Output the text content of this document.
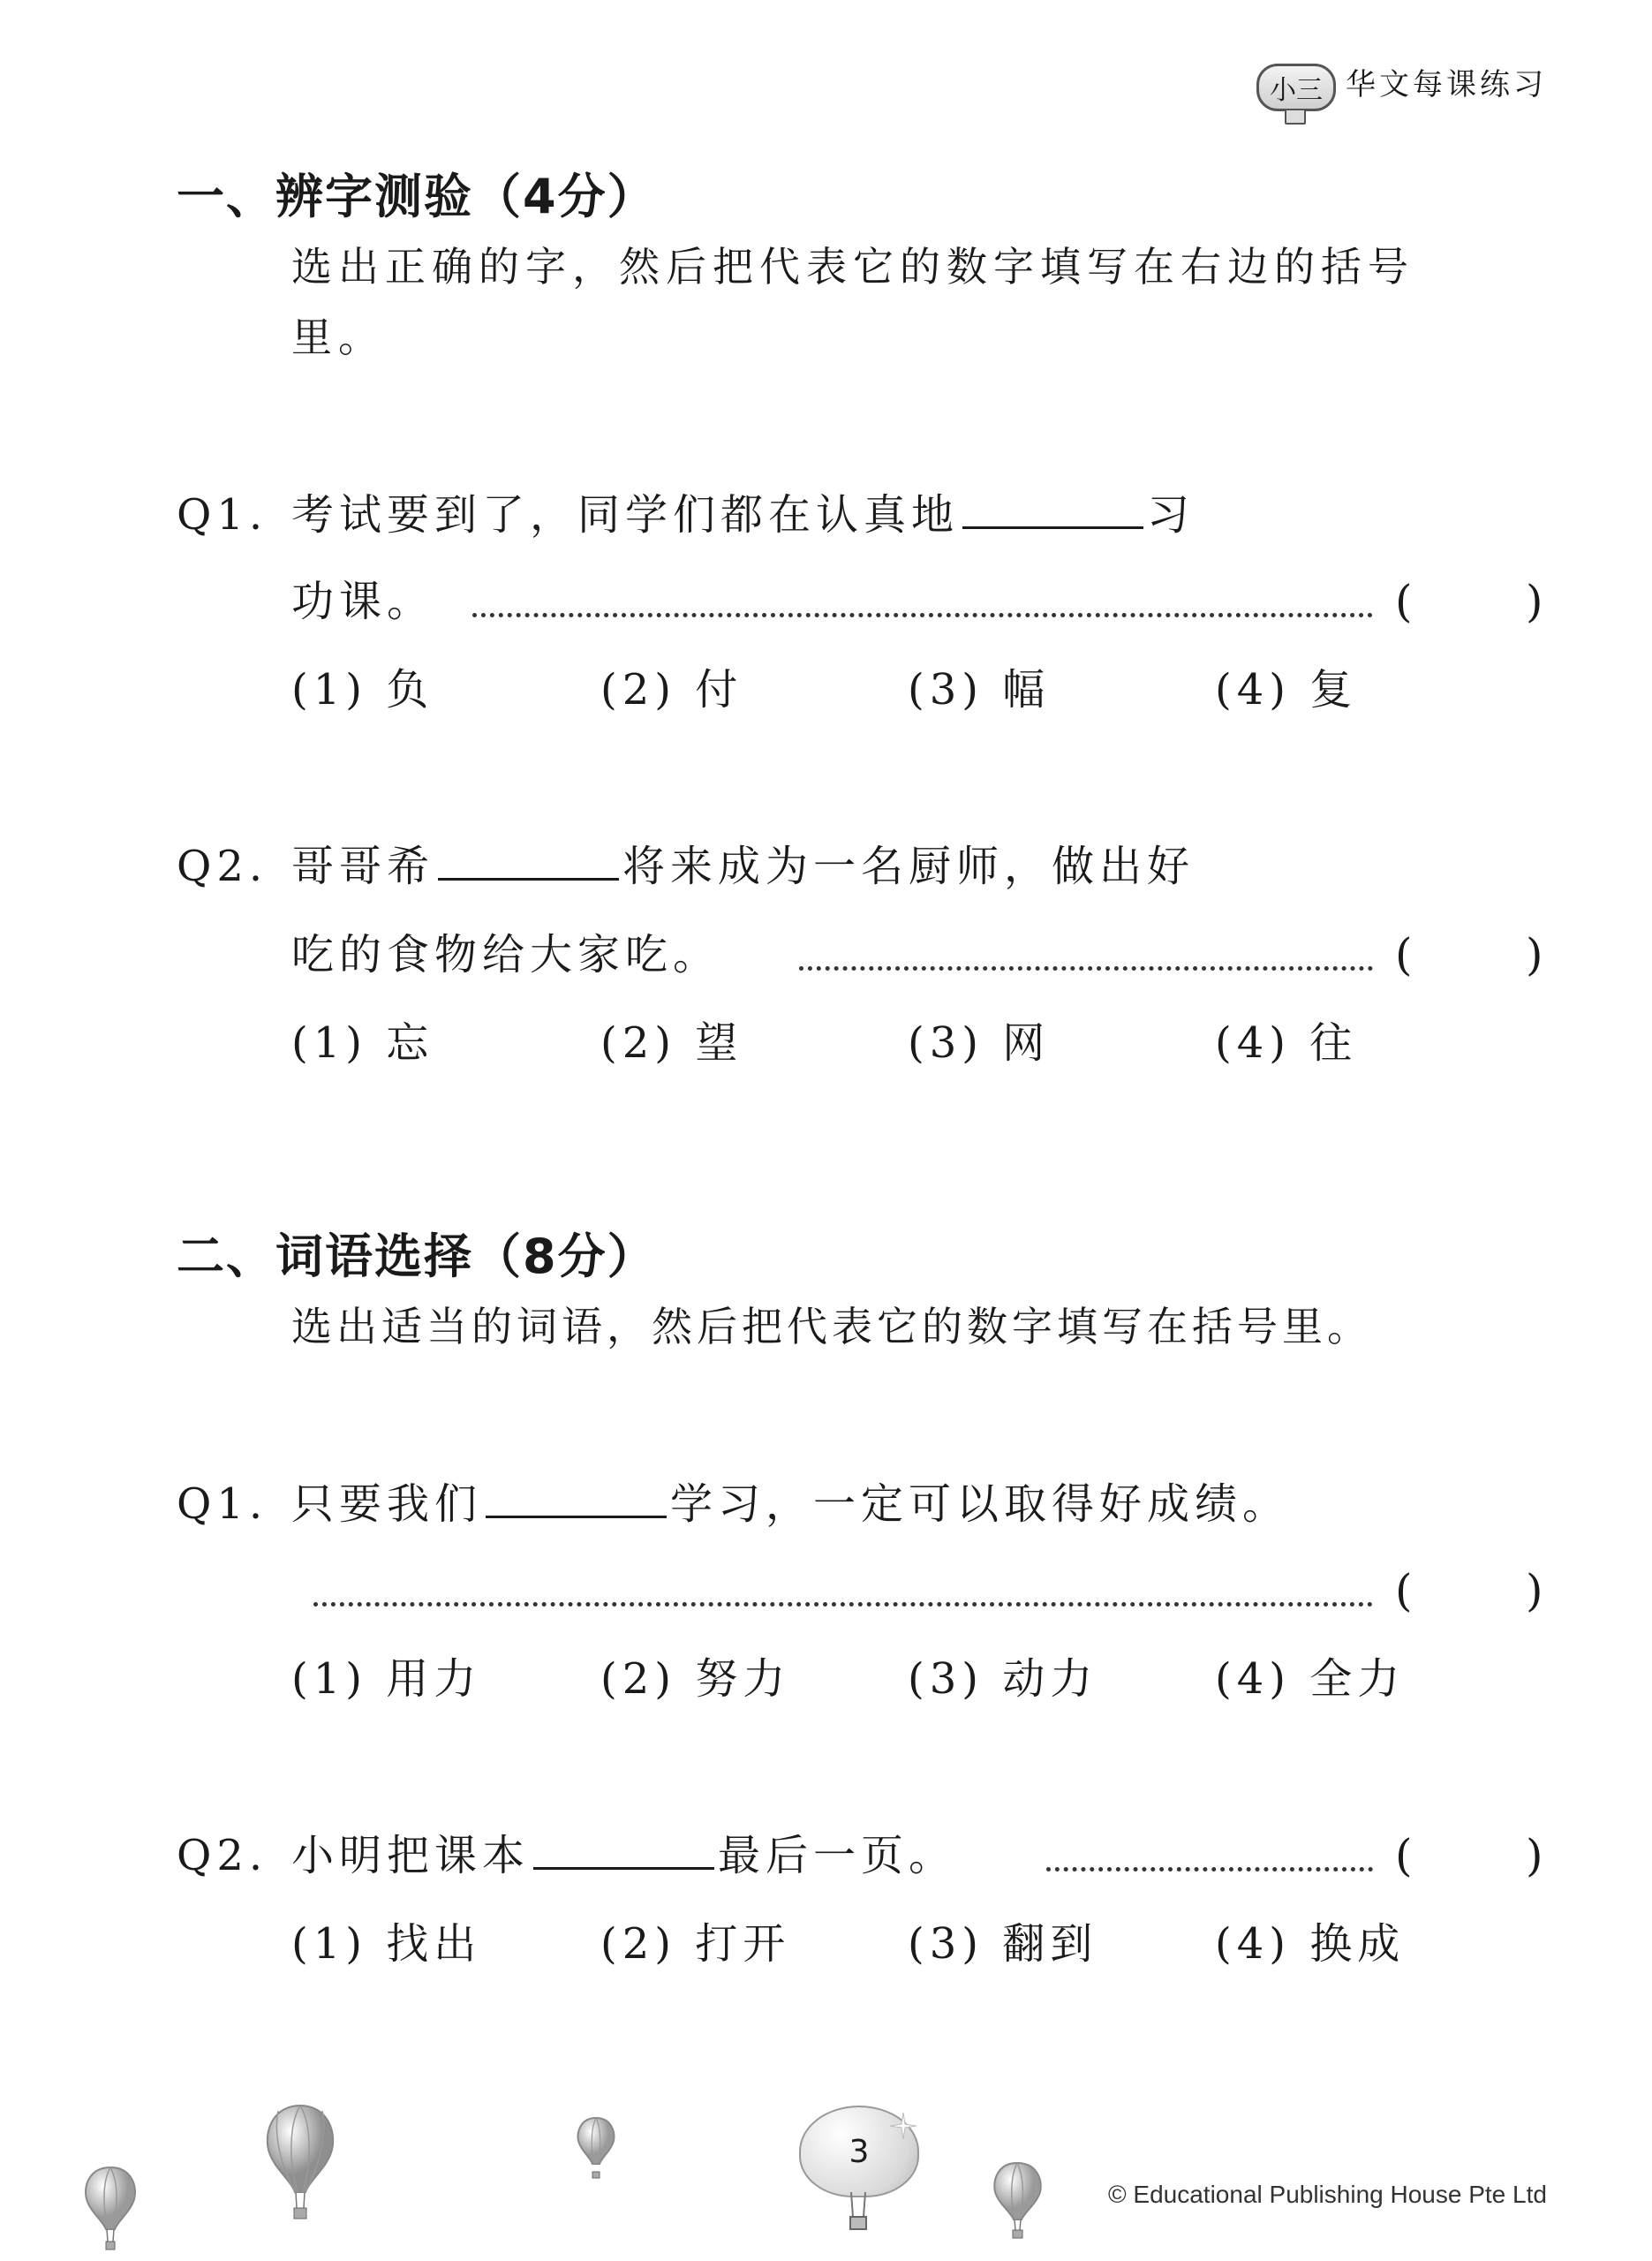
小三 华文每课练习
一、辨字测验（4分）
选出正确的字，然后把代表它的数字填写在右边的括号
里。
Q1. 考试要到了，同学们都在认真地	习
功课。	(	)
(1) 负	(2) 付	(3) 幅	(4) 复
Q2. 哥哥希	将来成为一名厨师，做出好
吃的食物给大家吃。	(	)
(1) 忘	(2) 望	(3) 网	(4) 往
二、词语选择（8分）
选出适当的词语，然后把代表它的数字填写在括号里。
Q1. 只要我们	学习，一定可以取得好成绩。
(	)
(1) 用力	(2) 努力	(3) 动力	(4) 全力
Q2. 小明把课本	最后一页。	(	)
(1) 找出	(2) 打开	(3) 翻到	(4) 换成
3
© Educational Publishing House Pte Ltd
